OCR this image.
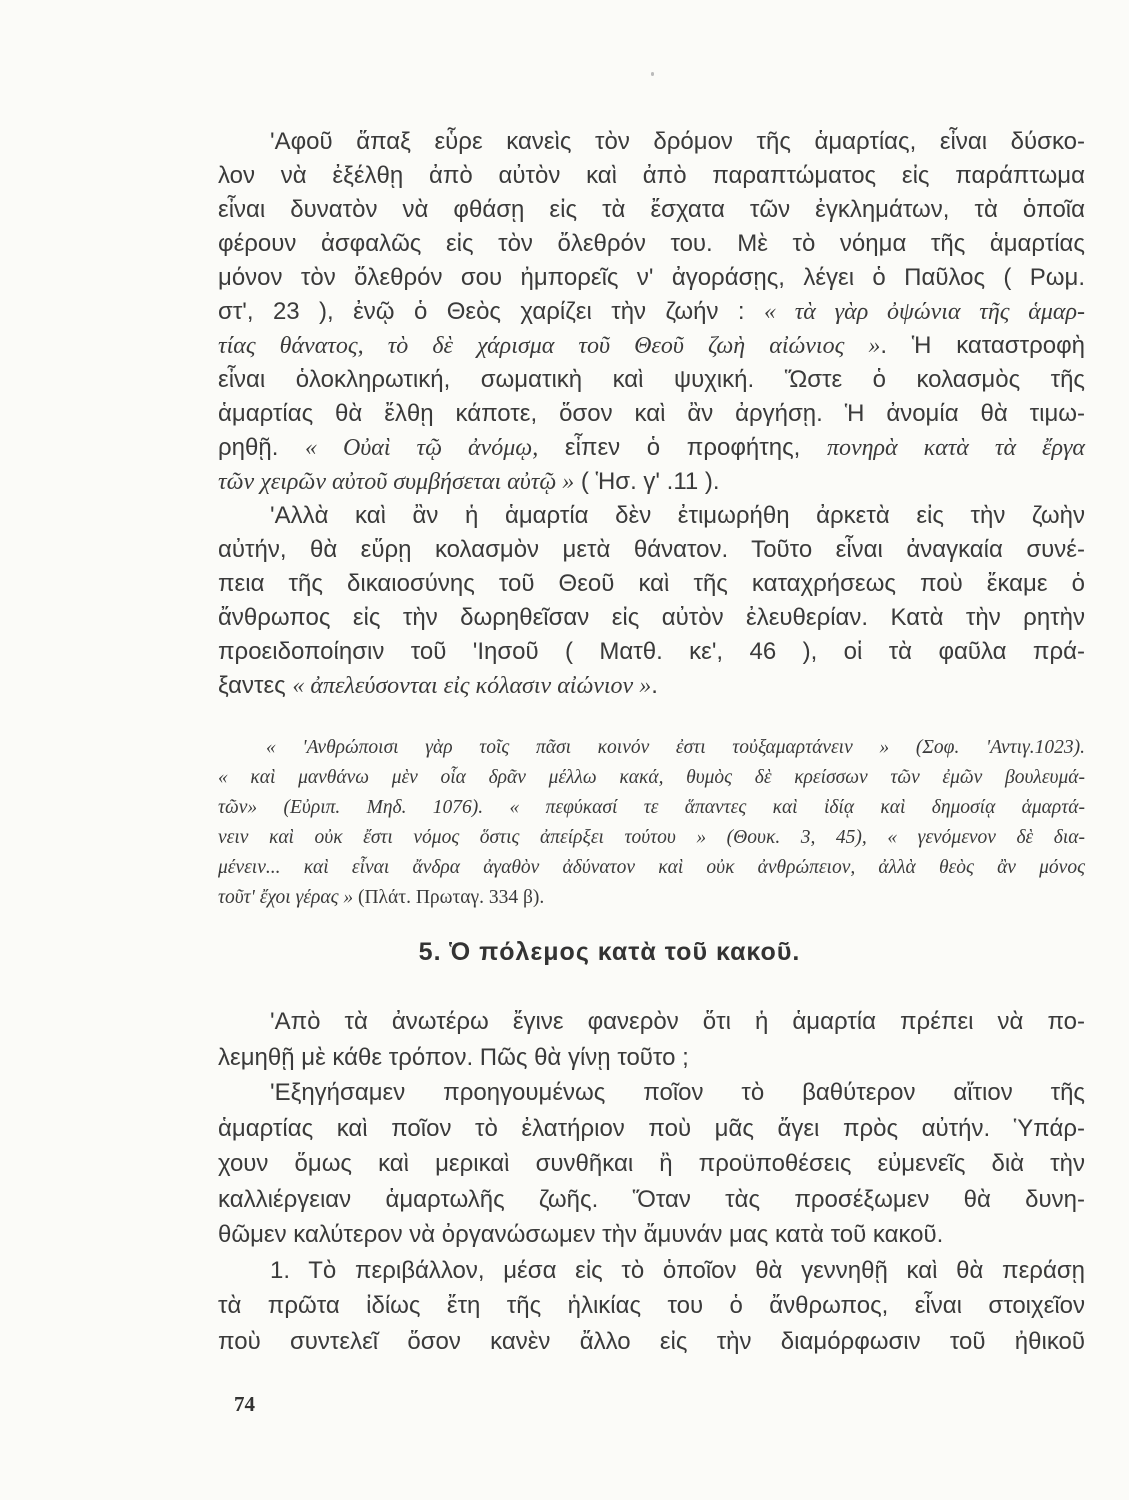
'Αφοῦ ἅπαξ εὗρε κανεὶς τὸν δρόμον τῆς ἁμαρτίας, εἶναι δύσκο-
λον νὰ ἐξέλθῃ ἀπὸ αὐτὸν καὶ ἀπὸ παραπτώματος εἰς παράπτωμα
εἶναι δυνατὸν νὰ φθάσῃ εἰς τὰ ἔσχατα τῶν ἐγκλημάτων, τὰ ὁποῖα
φέρουν ἀσφαλῶς εἰς τὸν ὄλεθρόν του. Μὲ τὸ νόημα τῆς ἁμαρτίας
μόνον τὸν ὄλεθρόν σου ἠμπορεῖς ν' ἀγοράσῃς, λέγει ὁ Παῦλος ( Ρωμ.
στ', 23 ), ἐνῷ ὁ Θεὸς χαρίζει τὴν ζωήν : « τὰ γὰρ ὀψώνια τῆς ἁμαρ-
τίας θάνατος, τὸ δὲ χάρισμα τοῦ Θεοῦ ζωὴ αἰώνιος ». Ἡ καταστροφὴ
εἶναι ὁλοκληρωτική, σωματικὴ καὶ ψυχική. Ὥστε ὁ κολασμὸς τῆς
ἁμαρτίας θὰ ἔλθῃ κάποτε, ὅσον καὶ ἂν ἀργήσῃ. Ἡ ἀνομία θὰ τιμω-
ρηθῇ. « Οὐαὶ τῷ ἀνόμῳ, εἶπεν ὁ προφήτης, πονηρὰ κατὰ τὰ ἔργα
τῶν χειρῶν αὐτοῦ συμβήσεται αὐτῷ » ( Ἡσ. γ' .11 ).
'Αλλὰ καὶ ἂν ἡ ἁμαρτία δὲν ἐτιμωρήθη ἀρκετὰ εἰς τὴν ζωὴν
αὐτήν, θὰ εὕρῃ κολασμὸν μετὰ θάνατον. Τοῦτο εἶναι ἀναγκαία συνέ-
πεια τῆς δικαιοσύνης τοῦ Θεοῦ καὶ τῆς καταχρήσεως ποὺ ἔκαμε ὁ
ἄνθρωπος εἰς τὴν δωρηθεῖσαν εἰς αὐτὸν ἐλευθερίαν. Κατὰ τὴν ρητὴν
προειδοποίησιν τοῦ 'Ιησοῦ ( Ματθ. κε', 46 ), οἱ τὰ φαῦλα πρά-
ξαντες « ἀπελεύσονται εἰς κόλασιν αἰώνιον ».
« 'Ανθρώποισι γὰρ τοῖς πᾶσι κοινόν ἐστι τοὐξαμαρτάνειν » (Σοφ. 'Αντιγ.1023).
« καὶ μανθάνω μὲν οἷα δρᾶν μέλλω κακά, θυμὸς δὲ κρείσσων τῶν ἐμῶν βουλευμά-
τῶν» (Εὐριπ. Μηδ. 1076). « πεφύκασί τε ἅπαντες καὶ ἰδίᾳ καὶ δημοσίᾳ ἁμαρτά-
νειν καὶ οὐκ ἔστι νόμος ὅστις ἀπείρξει τούτου » (Θουκ. 3, 45), « γενόμενον δὲ δια-
μένειν... καὶ εἶναι ἄνδρα ἀγαθὸν ἀδύνατον καὶ οὐκ ἀνθρώπειον, ἀλλὰ θεὸς ἂν μόνος
τοῦτ' ἔχοι γέρας » (Πλάτ. Πρωταγ. 334 β).
5. Ὁ πόλεμος κατὰ τοῦ κακοῦ.
'Απὸ τὰ ἀνωτέρω ἔγινε φανερὸν ὅτι ἡ ἁμαρτία πρέπει νὰ πο-
λεμηθῇ μὲ κάθε τρόπον. Πῶς θὰ γίνῃ τοῦτο ;
'Εξηγήσαμεν προηγουμένως ποῖον τὸ βαθύτερον αἴτιον τῆς
ἁμαρτίας καὶ ποῖον τὸ ἐλατήριον ποὺ μᾶς ἄγει πρὸς αὐτήν. Ὑπάρ-
χουν ὅμως καὶ μερικαὶ συνθῆκαι ἢ προϋποθέσεις εὐμενεῖς διὰ τὴν
καλλιέργειαν ἁμαρτωλῆς ζωῆς. Ὅταν τὰς προσέξωμεν θὰ δυνη-
θῶμεν καλύτερον νὰ ὀργανώσωμεν τὴν ἄμυνάν μας κατὰ τοῦ κακοῦ.
1. Τὸ περιβάλλον, μέσα εἰς τὸ ὁποῖον θὰ γεννηθῇ καὶ θὰ περάσῃ
τὰ πρῶτα ἰδίως ἔτη τῆς ἡλικίας του ὁ ἄνθρωπος, εἶναι στοιχεῖον
ποὺ συντελεῖ ὅσον κανὲν ἄλλο εἰς τὴν διαμόρφωσιν τοῦ ἠθικοῦ
74
